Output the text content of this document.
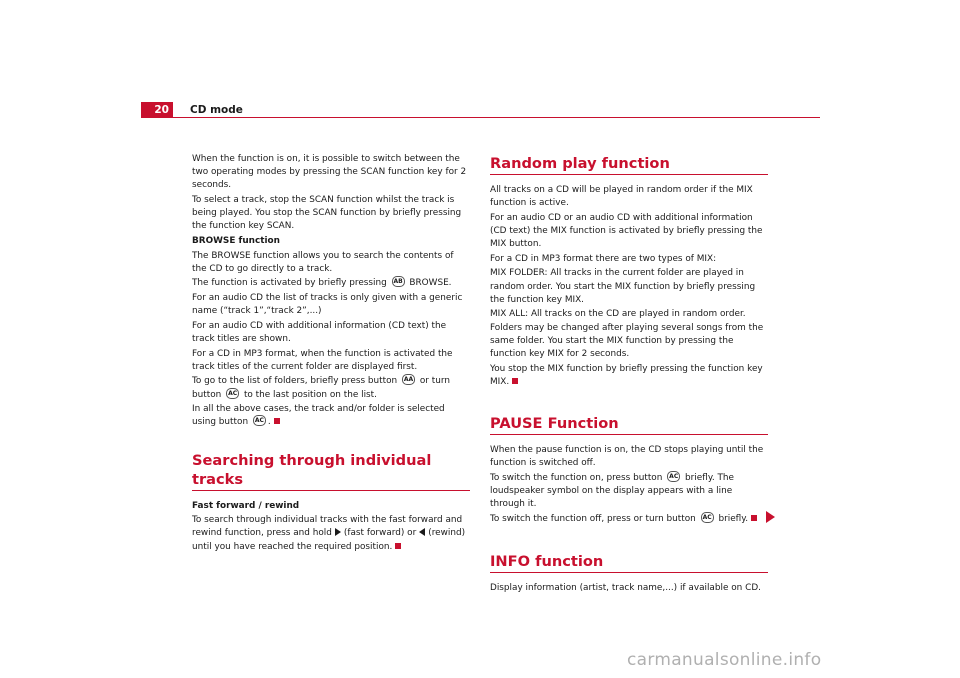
20 CD mode

When the function is on, it is possible to switch between the two operating modes by pressing the SCAN function key for 2 seconds.

To select a track, stop the SCAN function whilst the track is being played. You stop the SCAN function by briefly pressing the function key SCAN.

BROWSE function

The BROWSE function allows you to search the contents of the CD to go directly to a track.

The function is activated by briefly pressing AB BROWSE.

For an audio CD the list of tracks is only given with a generic name (“track 1”,“track 2”,...)

For an audio CD with additional information (CD text) the track titles are shown.

For a CD in MP3 format, when the function is activated the track titles of the current folder are displayed first.

To go to the list of folders, briefly press button AA or turn button AC to the last position on the list.

In all the above cases, the track and/or folder is selected using button AC .

Searching through individual tracks

Fast forward / rewind

To search through individual tracks with the fast forward and rewind function, press and hold (fast forward) or (rewind) until you have reached the required position.

Random play function

All tracks on a CD will be played in random order if the MIX function is active.

For an audio CD or an audio CD with additional information (CD text) the MIX function is activated by briefly pressing the MIX button.

For a CD in MP3 format there are two types of MIX:

MIX FOLDER: All tracks in the current folder are played in random order. You start the MIX function by briefly pressing the function key MIX.

MIX ALL: All tracks on the CD are played in random order. Folders may be changed after playing several songs from the same folder. You start the MIX function by pressing the function key MIX for 2 seconds.

You stop the MIX function by briefly pressing the function key MIX.

PAUSE Function

When the pause function is on, the CD stops playing until the function is switched off.

To switch the function on, press button AC briefly. The loudspeaker symbol on the display appears with a line through it.

To switch the function off, press or turn button AC briefly.

INFO function

Display information (artist, track name,...) if available on CD.

carmanualsonline.info
